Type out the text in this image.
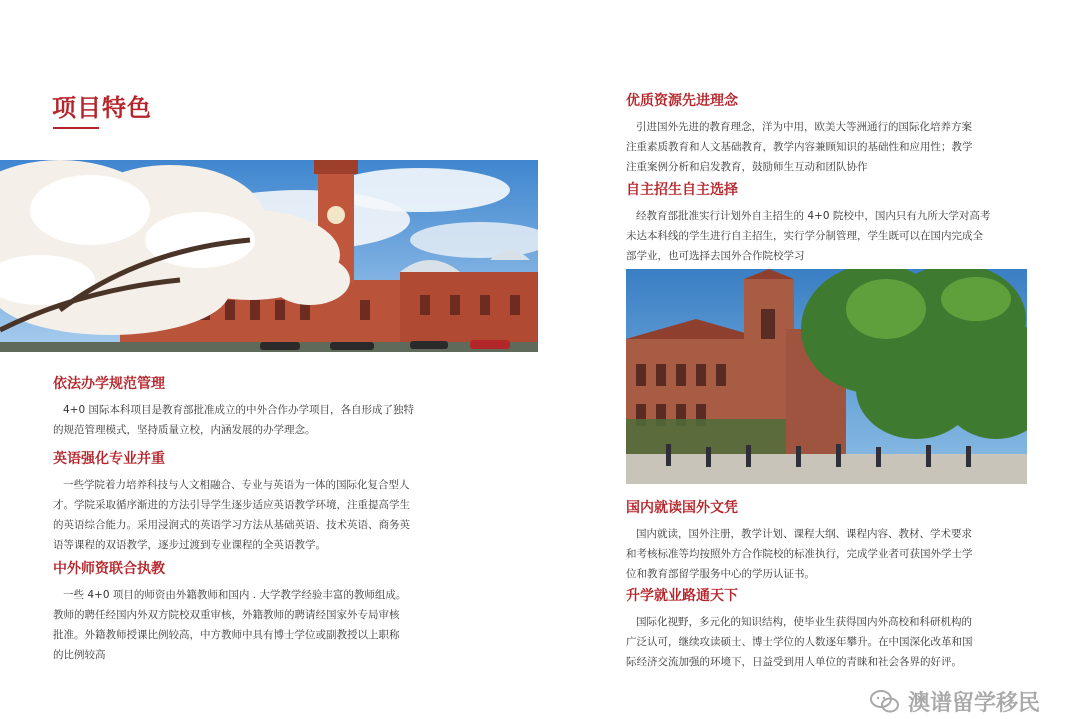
项目特色
依法办学规范管理

4+0 国际本科项目是教育部批准成立的中外合作办学项目，各自形成了独特
的规范管理模式，坚持质量立校，内涵发展的办学理念。

英语强化专业并重

一些学院着力培养科技与人文相融合、专业与英语为一体的国际化复合型人
才。学院采取循序渐进的方法引导学生逐步适应英语教学环境，注重提高学生
的英语综合能力。采用浸润式的英语学习方法从基础英语、技术英语、商务英
语等课程的双语教学，逐步过渡到专业课程的全英语教学。

中外师资联合执教

一些 4+0 项目的师资由外籍教师和国内 . 大学教学经验丰富的教师组成。
教师的聘任经国内外双方院校双重审核，外籍教师的聘请经国家外专局审核
批准。外籍教师授课比例较高，中方教师中具有博士学位或副教授以上职称
的比例较高

优质资源先进理念

引进国外先进的教育理念，洋为中用，欧美大等洲通行的国际化培养方案
注重素质教育和人文基础教育，教学内容兼顾知识的基础性和应用性；教学
注重案例分析和启发教育，鼓励师生互动和团队协作

自主招生自主选择

经教育部批准实行计划外自主招生的 4+0 院校中，国内只有九所大学对高考
未达本科线的学生进行自主招生，实行学分制管理，学生既可以在国内完成全
部学业，也可选择去国外合作院校学习

国内就读国外文凭

国内就读，国外注册，教学计划、课程大纲、课程内容、教材、学术要求
和考核标准等均按照外方合作院校的标准执行，完成学业者可获国外学士学
位和教育部留学服务中心的学历认证书。

升学就业路通天下

国际化视野，多元化的知识结构，使毕业生获得国内外高校和科研机构的
广泛认可，继续攻读硕士、博士学位的人数逐年攀升。在中国深化改革和国
际经济交流加强的环境下，日益受到用人单位的青睐和社会各界的好评。

澳谱留学移民
